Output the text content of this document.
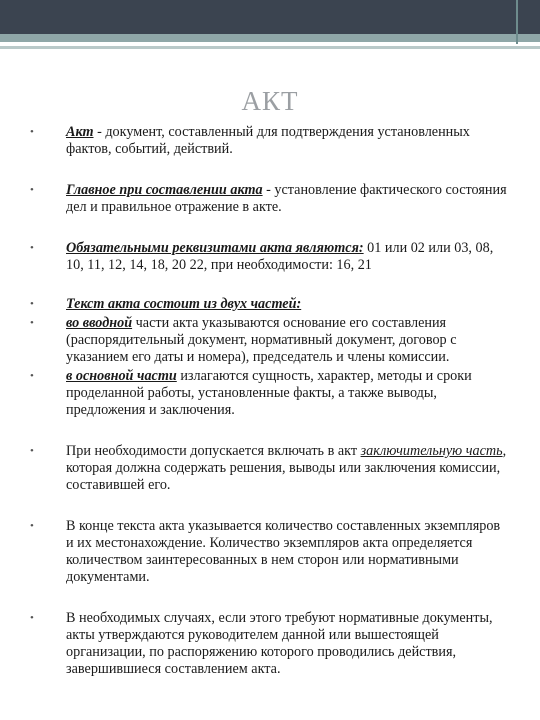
АКТ
•	Акт - документ, составленный для подтверждения установленных фактов, событий, действий.
•	Главное при составлении акта - установление фактического состояния дел и правильное отражение в акте.
•	Обязательными реквизитами акта являются: 01 или 02 или 03, 08, 10, 11, 12, 14, 18, 20 22, при необходимости: 16, 21
•	Текст акта состоит из двух частей:
•	во вводной части акта указываются основание его составления (распорядительный документ, нормативный документ, договор с указанием его даты и номера), председатель и члены комиссии.
•	в основной части излагаются сущность, характер, методы и сроки проделанной работы, установленные факты, а также выводы, предложения и заключения.
•	При необходимости допускается включать в акт заключительную часть, которая должна содержать решения, выводы или заключения комиссии, составившей его.
•	В конце текста акта указывается количество составленных экземпляров и их местонахождение. Количество экземпляров акта определяется количеством заинтересованных в нем сторон или нормативными документами.
•	В необходимых случаях, если этого требуют нормативные документы, акты утверждаются руководителем данной или вышестоящей организации, по распоряжению которого проводились действия, завершившиеся составлением акта.
